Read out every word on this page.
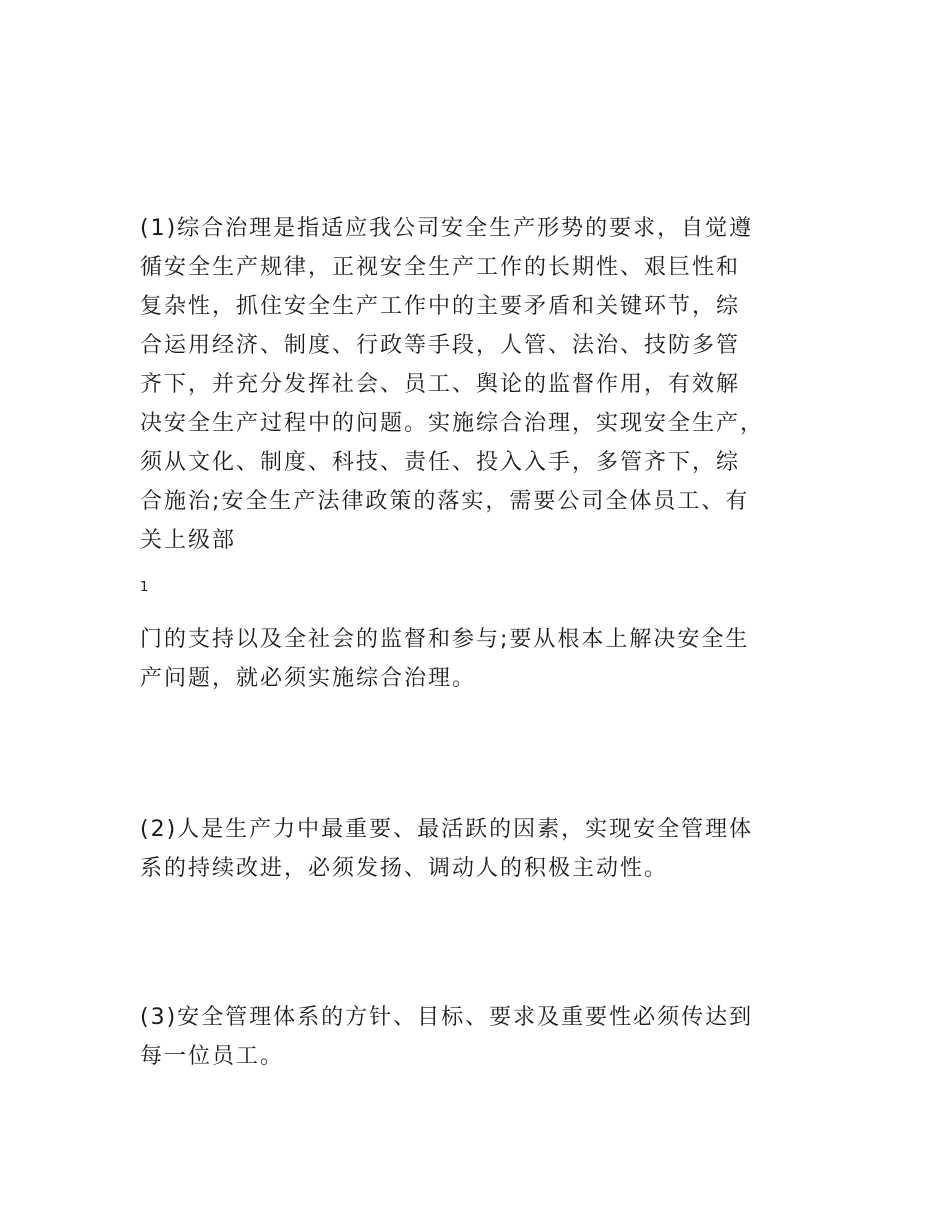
(1)综合治理是指适应我公司安全生产形势的要求，自觉遵
循安全生产规律，正视安全生产工作的长期性、艰巨性和
复杂性，抓住安全生产工作中的主要矛盾和关键环节，综
合运用经济、制度、行政等手段，人管、法治、技防多管
齐下，并充分发挥社会、员工、舆论的监督作用，有效解
决安全生产过程中的问题。实施综合治理，实现安全生产，
须从文化、制度、科技、责任、投入入手，多管齐下，综
合施治;安全生产法律政策的落实，需要公司全体员工、有
关上级部

1

门的支持以及全社会的监督和参与;要从根本上解决安全生
产问题，就必须实施综合治理。

(2)人是生产力中最重要、最活跃的因素，实现安全管理体
系的持续改进，必须发扬、调动人的积极主动性。

(3)安全管理体系的方针、目标、要求及重要性必须传达到
每一位员工。
